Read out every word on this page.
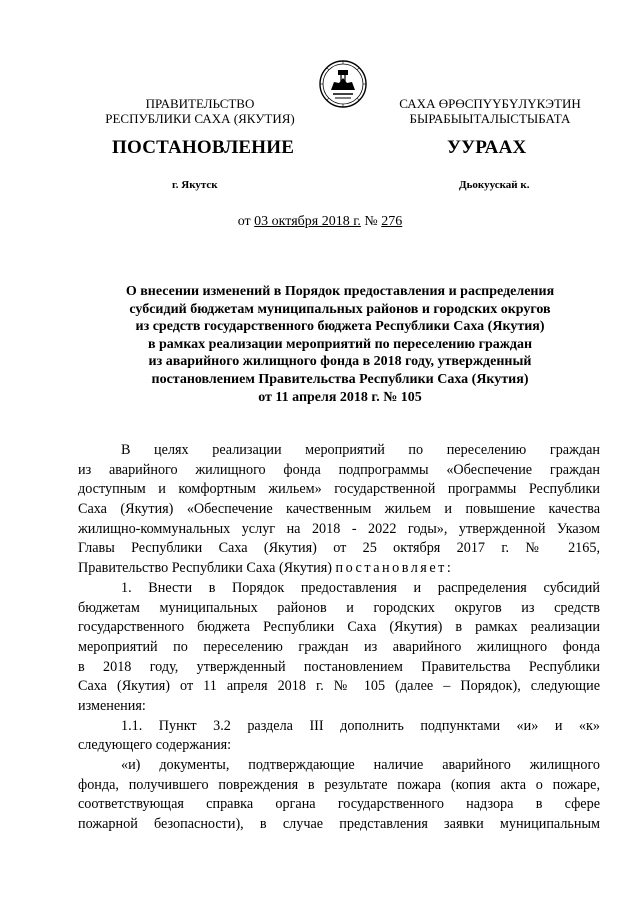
ПРАВИТЕЛЬСТВО
РЕСПУБЛИКИ САХА (ЯКУТИЯ)
САХА ӨРӨСПҮҮБҮЛҮКЭТИН
БЫРАБЫЫТАЛЫСТЫБАТА
ПОСТАНОВЛЕНИЕ	УУРААХ
г. Якутск	Дьокуускай к.
от 03 октября 2018 г. № 276
О внесении изменений в Порядок предоставления и распределения
субсидий бюджетам муниципальных районов и городских округов
из средств государственного бюджета Республики Саха (Якутия)
в рамках реализации мероприятий по переселению граждан
из аварийного жилищного фонда в 2018 году, утвержденный
постановлением Правительства Республики Саха (Якутия)
от 11 апреля 2018 г. № 105
В целях реализации мероприятий по переселению граждан
из аварийного жилищного фонда подпрограммы «Обеспечение граждан
доступным и комфортным жильем» государственной программы Республики
Саха (Якутия) «Обеспечение качественным жильем и повышение качества
жилищно-коммунальных услуг на 2018 - 2022 годы», утвержденной Указом
Главы Республики Саха (Якутия) от 25 октября 2017 г. № 2165,
Правительство Республики Саха (Якутия) постановляет:
1. Внести в Порядок предоставления и распределения субсидий
бюджетам муниципальных районов и городских округов из средств
государственного бюджета Республики Саха (Якутия) в рамках реализации
мероприятий по переселению граждан из аварийного жилищного фонда
в 2018 году, утвержденный постановлением Правительства Республики
Саха (Якутия) от 11 апреля 2018 г. № 105 (далее – Порядок), следующие
изменения:
1.1. Пункт 3.2 раздела III дополнить подпунктами «и» и «к»
следующего содержания:
«и) документы, подтверждающие наличие аварийного жилищного
фонда, получившего повреждения в результате пожара (копия акта о пожаре,
соответствующая справка органа государственного надзора в сфере
пожарной безопасности), в случае представления заявки муниципальным
